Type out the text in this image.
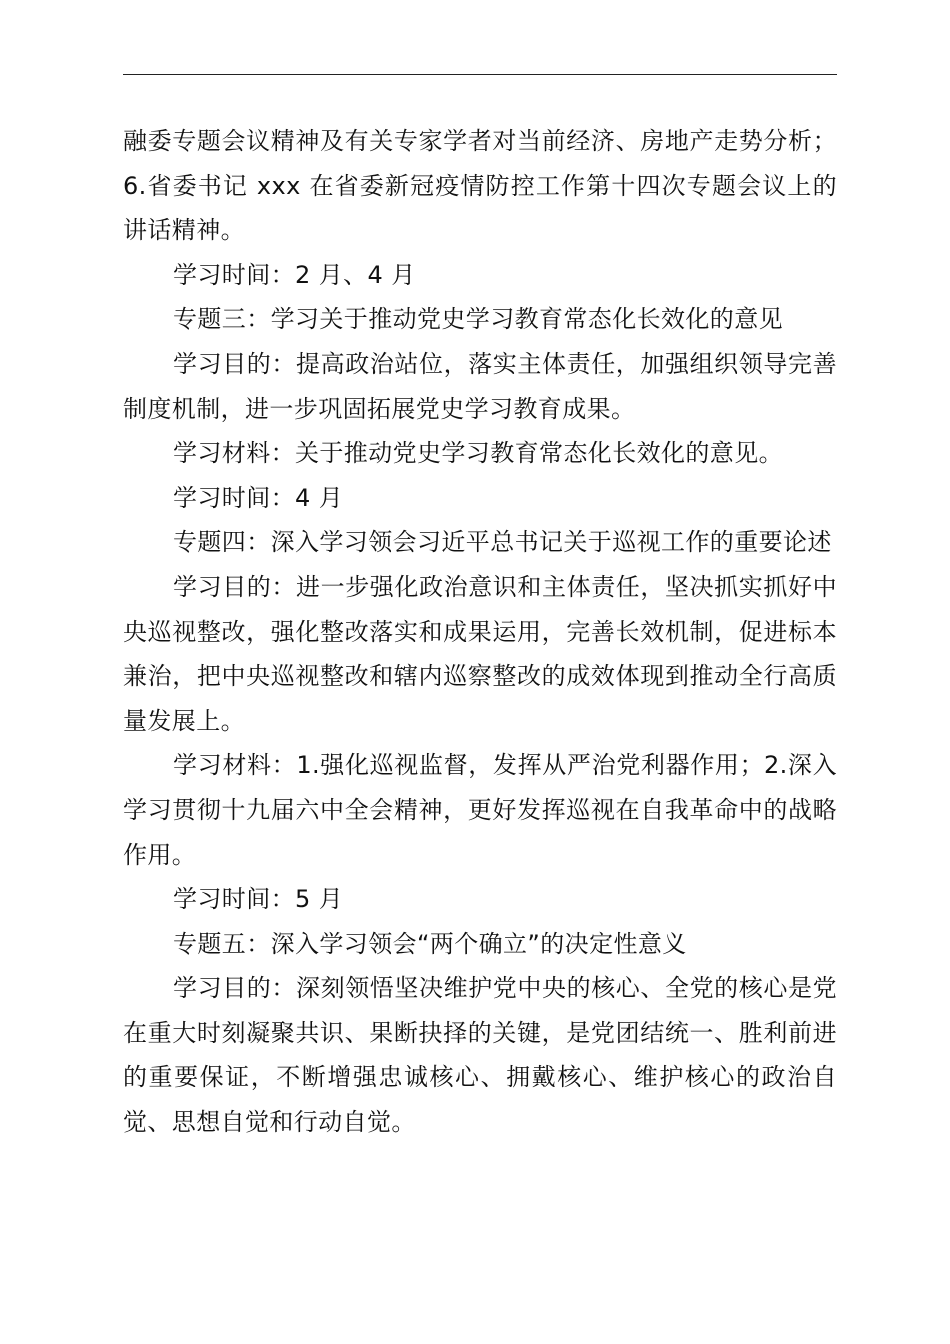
融委专题会议精神及有关专家学者对当前经济、房地产走势分析；6.省委书记 xxx 在省委新冠疫情防控工作第十四次专题会议上的讲话精神。

学习时间：2 月、4 月

专题三：学习关于推动党史学习教育常态化长效化的意见

学习目的：提高政治站位，落实主体责任，加强组织领导完善制度机制，进一步巩固拓展党史学习教育成果。

学习材料：关于推动党史学习教育常态化长效化的意见。

学习时间：4 月

专题四：深入学习领会习近平总书记关于巡视工作的重要论述

学习目的：进一步强化政治意识和主体责任，坚决抓实抓好中央巡视整改，强化整改落实和成果运用，完善长效机制，促进标本兼治，把中央巡视整改和辖内巡察整改的成效体现到推动全行高质量发展上。

学习材料：1.强化巡视监督，发挥从严治党利器作用；2.深入学习贯彻十九届六中全会精神，更好发挥巡视在自我革命中的战略作用。

学习时间：5 月

专题五：深入学习领会“两个确立”的决定性意义

学习目的：深刻领悟坚决维护党中央的核心、全党的核心是党在重大时刻凝聚共识、果断抉择的关键，是党团结统一、胜利前进的重要保证，不断增强忠诚核心、拥戴核心、维护核心的政治自觉、思想自觉和行动自觉。
